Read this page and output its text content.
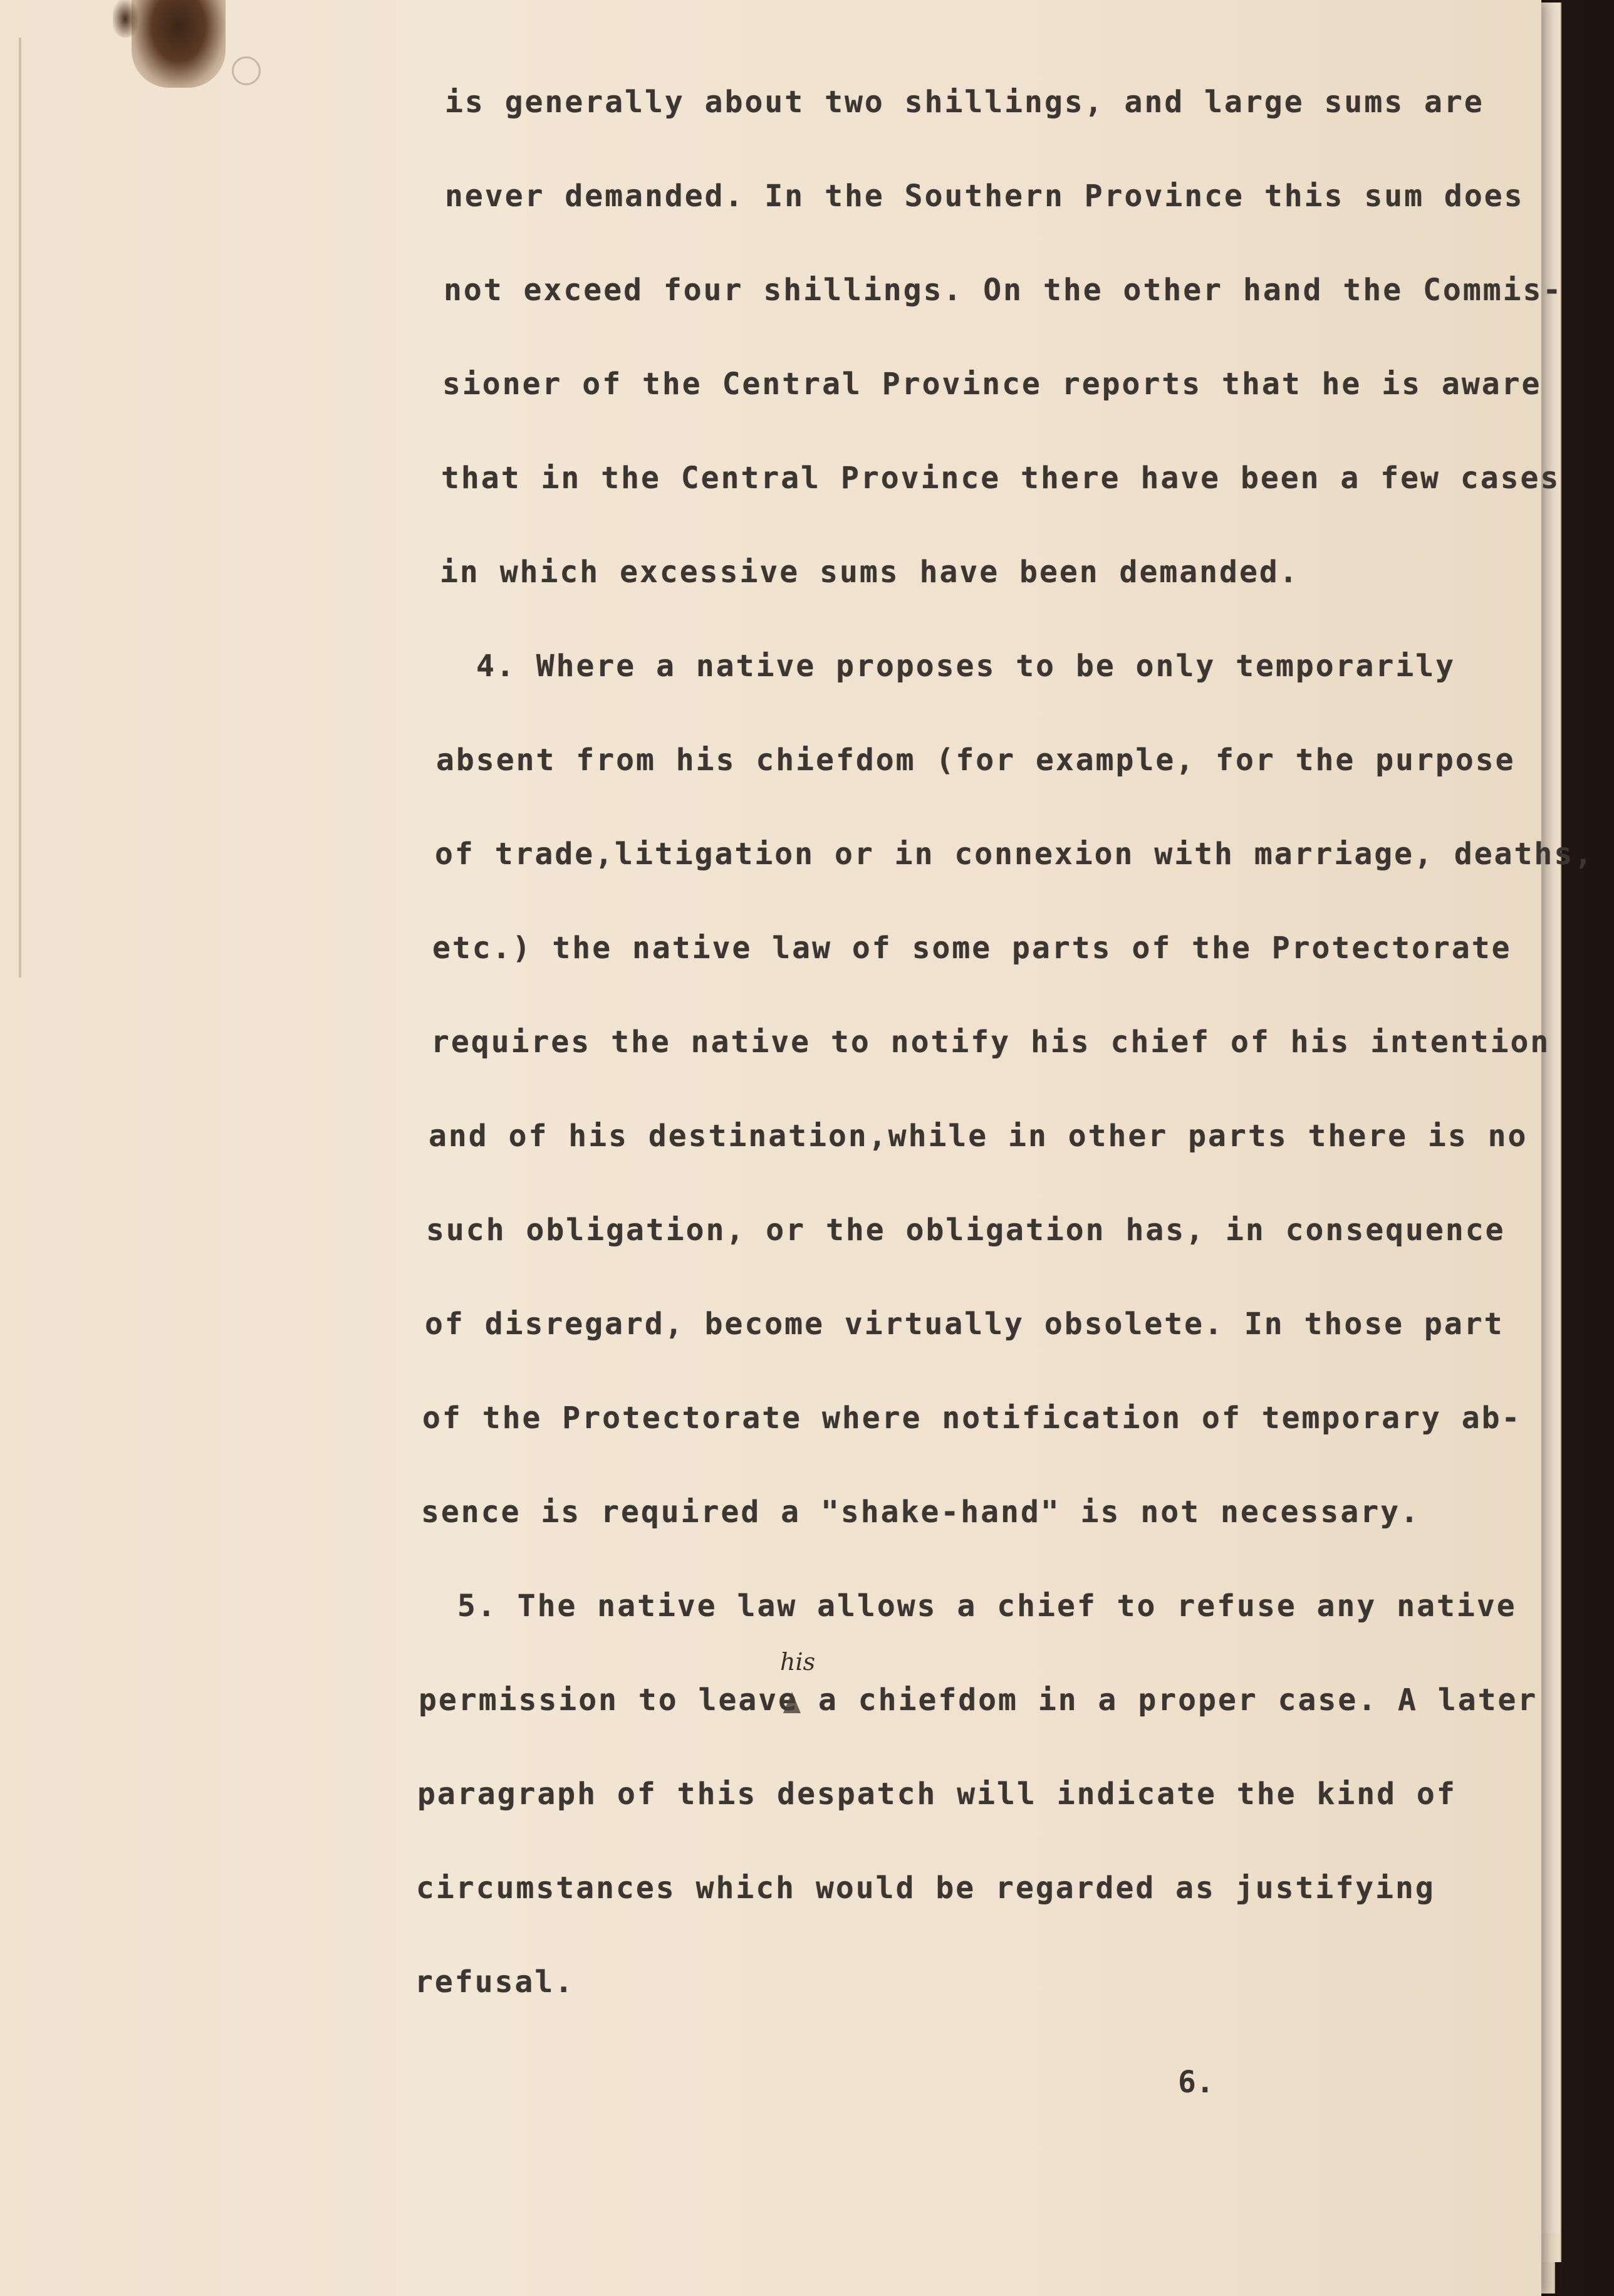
is generally about two shillings, and large sums are
never demanded. In the Southern Province this sum does
not exceed four shillings. On the other hand the Commis-
sioner of the Central Province reports that he is aware
that in the Central Province there have been a few cases
in which excessive sums have been demanded.
4. Where a native proposes to be only temporarily
absent from his chiefdom (for example, for the purpose
of trade,litigation or in connexion with marriage, deaths,
etc.) the native law of some parts of the Protectorate
requires the native to notify his chief of his intention
and of his destination,while in other parts there is no
such obligation, or the obligation has, in consequence
of disregard, become virtually obsolete. In those part
of the Protectorate where notification of temporary ab-
sence is required a "shake-hand" is not necessary.
5. The native law allows a chief to refuse any native
permission to leave a chiefdom in a proper case. A later
paragraph of this despatch will indicate the kind of
circumstances which would be regarded as justifying
refusal.
his
6.
